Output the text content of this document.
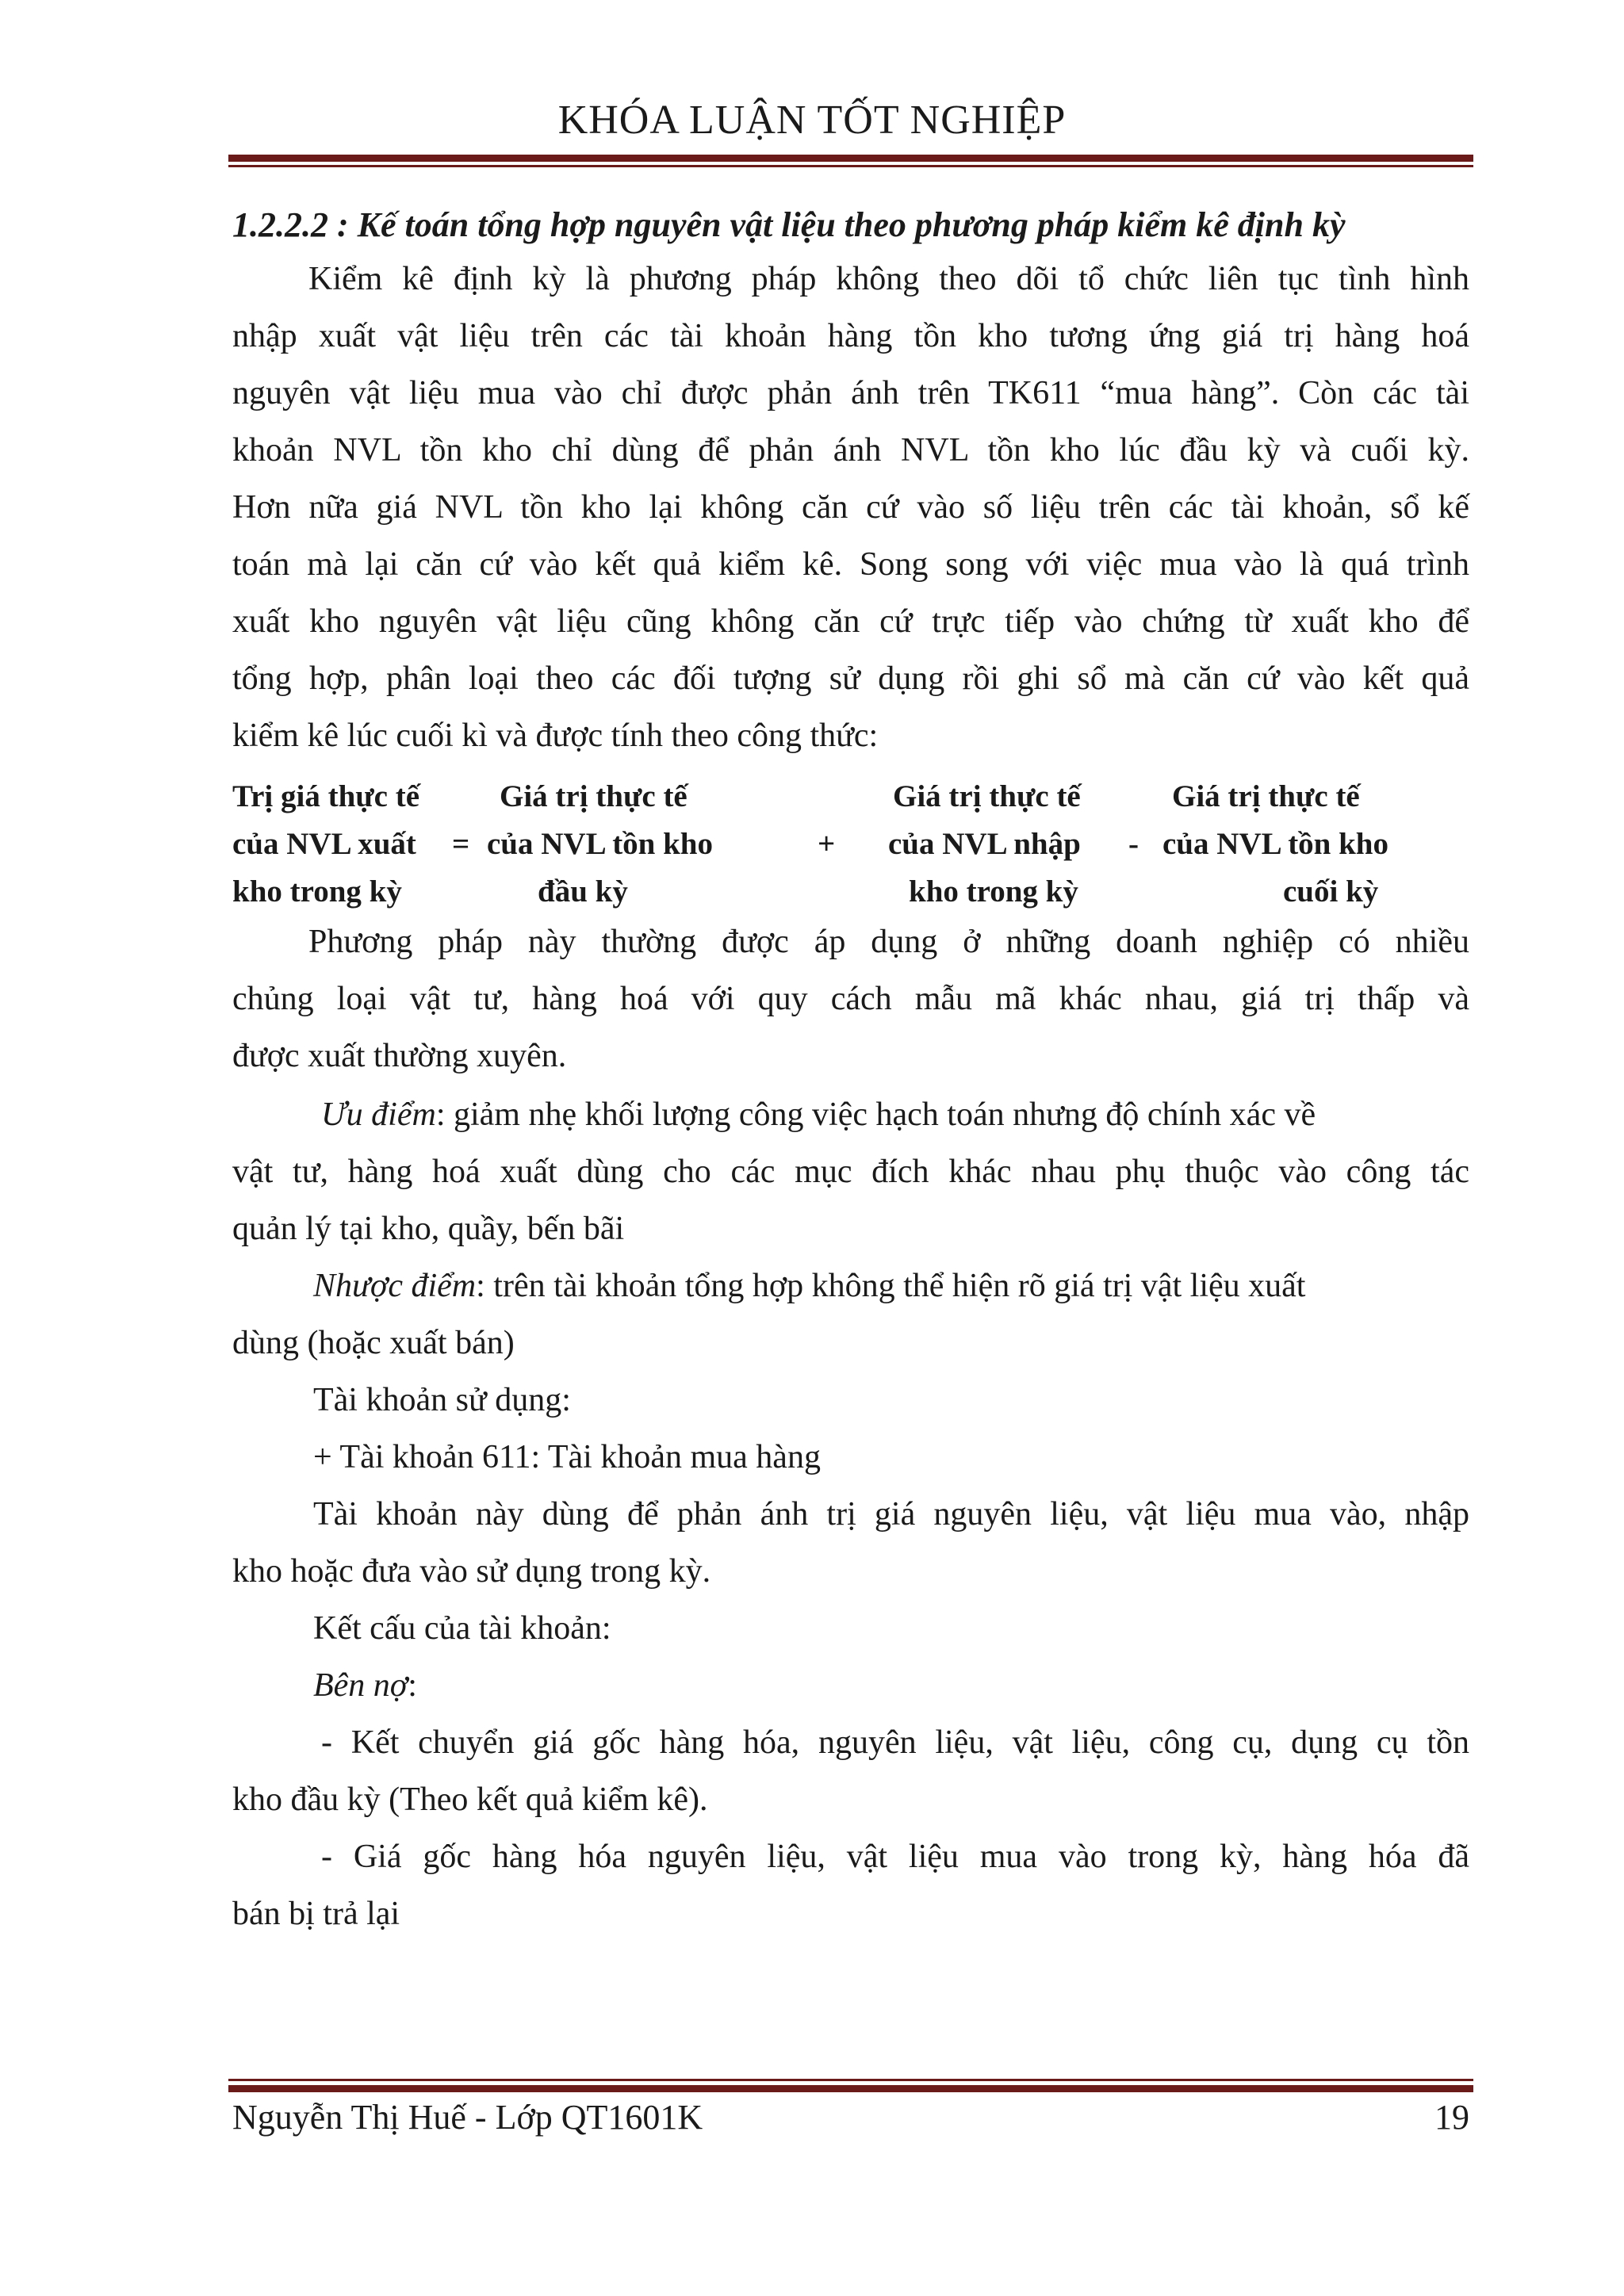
KHÓA LUẬN TỐT NGHIỆP
1.2.2.2 : Kế toán tổng hợp nguyên vật liệu theo phương pháp kiểm kê định kỳ
Kiểm kê định kỳ là phương pháp không theo dõi tổ chức liên tục tình hình
nhập xuất vật liệu trên các tài khoản hàng tồn kho tương ứng giá trị hàng hoá
nguyên vật liệu mua vào chỉ được phản ánh trên TK611 “mua hàng”. Còn các tài
khoản NVL tồn kho chỉ dùng để phản ánh NVL tồn kho lúc đầu kỳ và cuối kỳ.
Hơn nữa giá NVL tồn kho lại không căn cứ vào số liệu trên các tài khoản, sổ kế
toán mà lại căn cứ vào kết quả kiểm kê. Song song với việc mua vào là quá trình
xuất kho nguyên vật liệu cũng không căn cứ trực tiếp vào chứng từ xuất kho để
tổng hợp, phân loại theo các đối tượng sử dụng rồi ghi sổ mà căn cứ vào kết quả
kiểm kê lúc cuối kì và được tính theo công thức:
Trị giá thực tế
của NVL xuất
kho trong kỳ
=
Giá trị thực tế
của NVL tồn kho
đầu kỳ
+
Giá trị thực tế
của NVL nhập
kho trong kỳ
-
Giá trị thực tế
của NVL tồn kho
cuối kỳ
Phương pháp này thường được áp dụng ở những doanh nghiệp có nhiều
chủng loại vật tư, hàng hoá với quy cách mẫu mã khác nhau, giá trị thấp và
được xuất thường xuyên.
Ưu điểm: giảm nhẹ khối lượng công việc hạch toán nhưng độ chính xác về
vật tư, hàng hoá xuất dùng cho các mục đích khác nhau phụ thuộc vào công tác
quản lý tại kho, quầy, bến bãi
Nhược điểm: trên tài khoản tổng hợp không thể hiện rõ giá trị vật liệu xuất
dùng (hoặc xuất bán)
Tài khoản sử dụng:
+ Tài khoản 611: Tài khoản mua hàng
Tài khoản này dùng để phản ánh trị giá nguyên liệu, vật liệu mua vào, nhập
kho hoặc đưa vào sử dụng trong kỳ.
Kết cấu của tài khoản:
Bên nợ:
- Kết chuyển giá gốc hàng hóa, nguyên liệu, vật liệu, công cụ, dụng cụ tồn
kho đầu kỳ (Theo kết quả kiểm kê).
- Giá gốc hàng hóa nguyên liệu, vật liệu mua vào trong kỳ, hàng hóa đã
bán bị trả lại
Nguyễn Thị Huế - Lớp QT1601K	19
